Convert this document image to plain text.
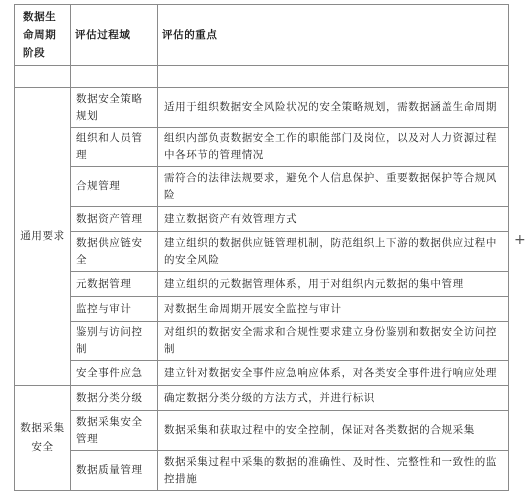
数据生命周期阶段	评估过程域	评估的重点

通用要求	数据安全策略规划	适用于组织数据安全风险状况的安全策略规划，需数据涵盖生命周期
	组织和人员管理	组织内部负责数据安全工作的职能部门及岗位，以及对人力资源过程中各环节的管理情况
	合规管理	需符合的法律法规要求，避免个人信息保护、重要数据保护等合规风险
	数据资产管理	建立数据资产有效管理方式
	数据供应链安全	建立组织的数据供应链管理机制，防范组织上下游的数据供应过程中的安全风险
	元数据管理	建立组织的元数据管理体系，用于对组织内元数据的集中管理
	监控与审计	对数据生命周期开展安全监控与审计
	鉴别与访问控制	对组织的数据安全需求和合规性要求建立身份鉴别和数据安全访问控制
	安全事件应急	建立针对数据安全事件应急响应体系，对各类安全事件进行响应处理
数据采集安全	数据分类分级	确定数据分类分级的方法方式，并进行标识
	数据采集安全管理	数据采集和获取过程中的安全控制，保证对各类数据的合规采集
	数据质量管理	数据采集过程中采集的数据的准确性、及时性、完整性和一致性的监控措施
+
